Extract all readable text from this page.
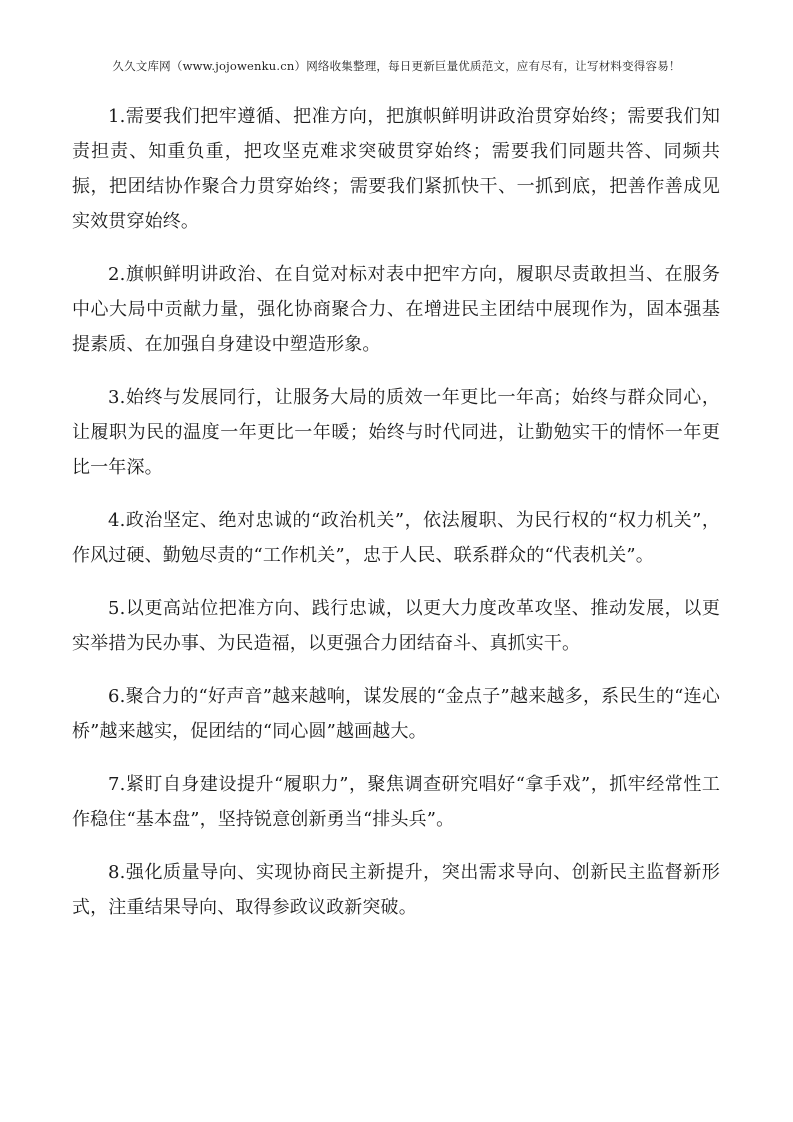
久久文库网（www.jojowenku.cn）网络收集整理，每日更新巨量优质范文，应有尽有，让写材料变得容易！

1.需要我们把牢遵循、把准方向，把旗帜鲜明讲政治贯穿始终；需要我们知责担责、知重负重，把攻坚克难求突破贯穿始终；需要我们同题共答、同频共振，把团结协作聚合力贯穿始终；需要我们紧抓快干、一抓到底，把善作善成见实效贯穿始终。

2.旗帜鲜明讲政治、在自觉对标对表中把牢方向，履职尽责敢担当、在服务中心大局中贡献力量，强化协商聚合力、在增进民主团结中展现作为，固本强基提素质、在加强自身建设中塑造形象。

3.始终与发展同行，让服务大局的质效一年更比一年高；始终与群众同心，让履职为民的温度一年更比一年暖；始终与时代同进，让勤勉实干的情怀一年更比一年深。

4.政治坚定、绝对忠诚的“政治机关”，依法履职、为民行权的“权力机关”，作风过硬、勤勉尽责的“工作机关”，忠于人民、联系群众的“代表机关”。

5.以更高站位把准方向、践行忠诚，以更大力度改革攻坚、推动发展，以更实举措为民办事、为民造福，以更强合力团结奋斗、真抓实干。

6.聚合力的“好声音”越来越响，谋发展的“金点子”越来越多，系民生的“连心桥”越来越实，促团结的“同心圆”越画越大。

7.紧盯自身建设提升“履职力”，聚焦调查研究唱好“拿手戏”，抓牢经常性工作稳住“基本盘”，坚持锐意创新勇当“排头兵”。

8.强化质量导向、实现协商民主新提升，突出需求导向、创新民主监督新形式，注重结果导向、取得参政议政新突破。
